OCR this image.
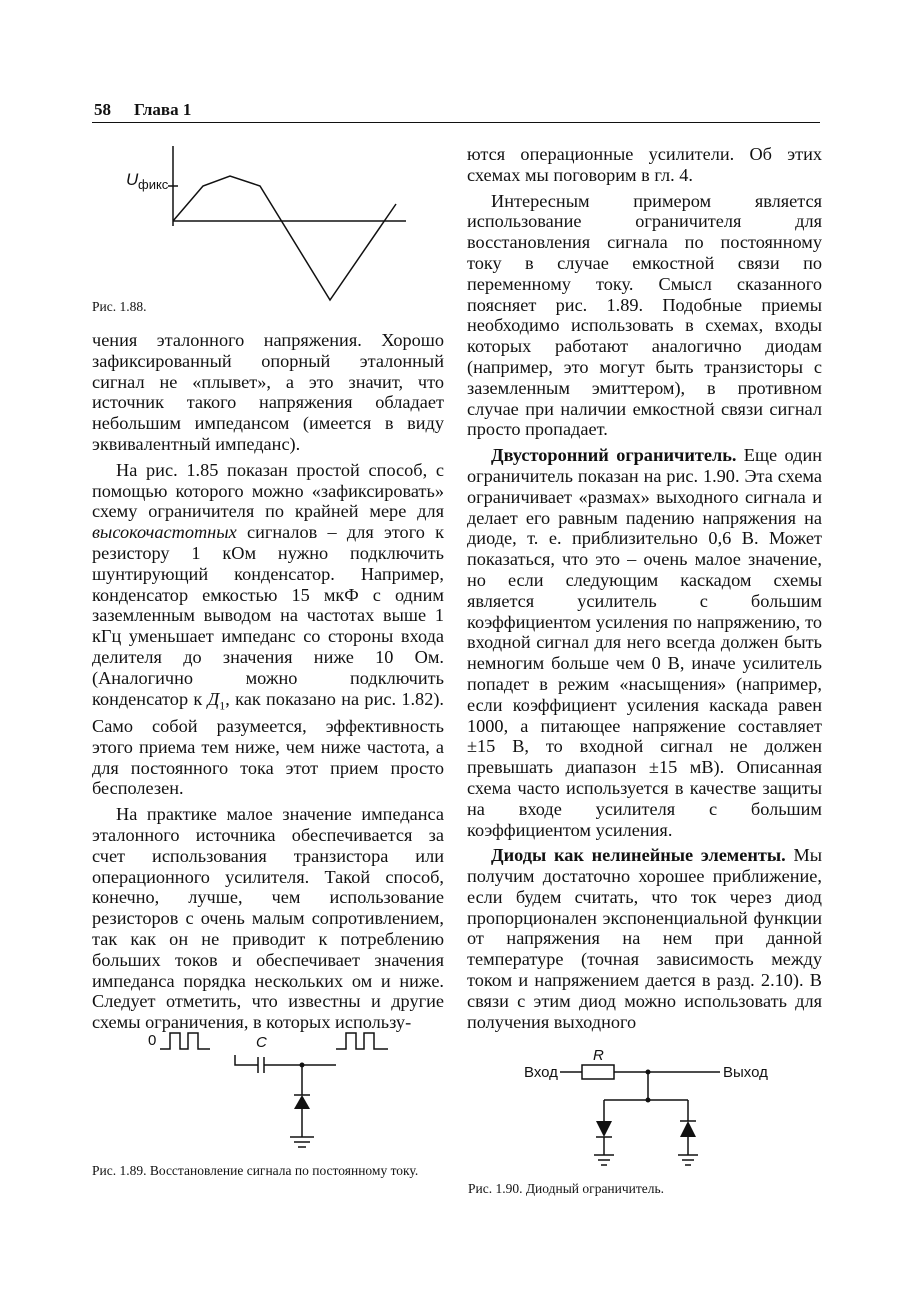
58 Глава 1
U фикс
Рис. 1.88.

чения эталонного напряжения. Хорошо зафиксированный опорный эталонный сигнал не «плывет», а это значит, что источник такого напряжения обладает небольшим импедансом (имеется в виду эквивалентный импеданс).

На рис. 1.85 показан простой способ, с помощью которого можно «зафиксировать» схему ограничителя по крайней мере для высокочастотных сигналов – для этого к резистору 1 кОм нужно подключить шунтирующий конденсатор. Например, конденсатор емкостью 15 мкФ с одним заземленным выводом на частотах выше 1 кГц уменьшает импеданс со стороны входа делителя до значения ниже 10 Ом. (Аналогично можно подключить конденсатор к $Д_1$, как показано на рис. 1.82). Само собой разумеется, эффективность этого приема тем ниже, чем ниже частота, а для постоянного тока этот прием просто бесполезен.

На практике малое значение импеданса эталонного источника обеспечивается за счет использования транзистора или операционного усилителя. Такой способ, конечно, лучше, чем использование резисторов с очень малым сопротивлением, так как он не приводит к потреблению больших токов и обеспечивает значения импеданса порядка нескольких ом и ниже. Следует отметить, что известны и другие схемы ограничения, в которых использу-

ются операционные усилители. Об этих схемах мы поговорим в гл. 4.

Интересным примером является использование ограничителя для восстановления сигнала по постоянному току в случае емкостной связи по переменному току. Смысл сказанного поясняет рис. 1.89. Подобные приемы необходимо использовать в схемах, входы которых работают аналогично диодам (например, это могут быть транзисторы с заземленным эмиттером), в противном случае при наличии емкостной связи сигнал просто пропадает.

Двусторонний ограничитель. Еще один ограничитель показан на рис. 1.90. Эта схема ограничивает «размах» выходного сигнала и делает его равным падению напряжения на диоде, т. е. приблизительно 0,6 В. Может показаться, что это – очень малое значение, но если следующим каскадом схемы является усилитель с большим коэффициентом усиления по напряжению, то входной сигнал для него всегда должен быть немногим больше чем 0 В, иначе усилитель попадет в режим «насыщения» (например, если коэффициент усиления каскада равен 1000, а питающее напряжение составляет ±15 В, то входной сигнал не должен превышать диапазон ±15 мВ). Описанная схема часто используется в качестве защиты на входе усилителя с большим коэффициентом усиления.

Диоды как нелинейные элементы. Мы получим достаточно хорошее приближение, если будем считать, что ток через диод пропорционален экспоненциальной функции от напряжения на нем при данной температуре (точная зависимость между током и напряжением дается в разд. 2.10). В связи с этим диод можно использовать для получения выходного

0	C
Рис. 1.89. Восстановление сигнала по постоянному току.
Вход
R
Выход
Рис. 1.90. Диодный ограничитель.
